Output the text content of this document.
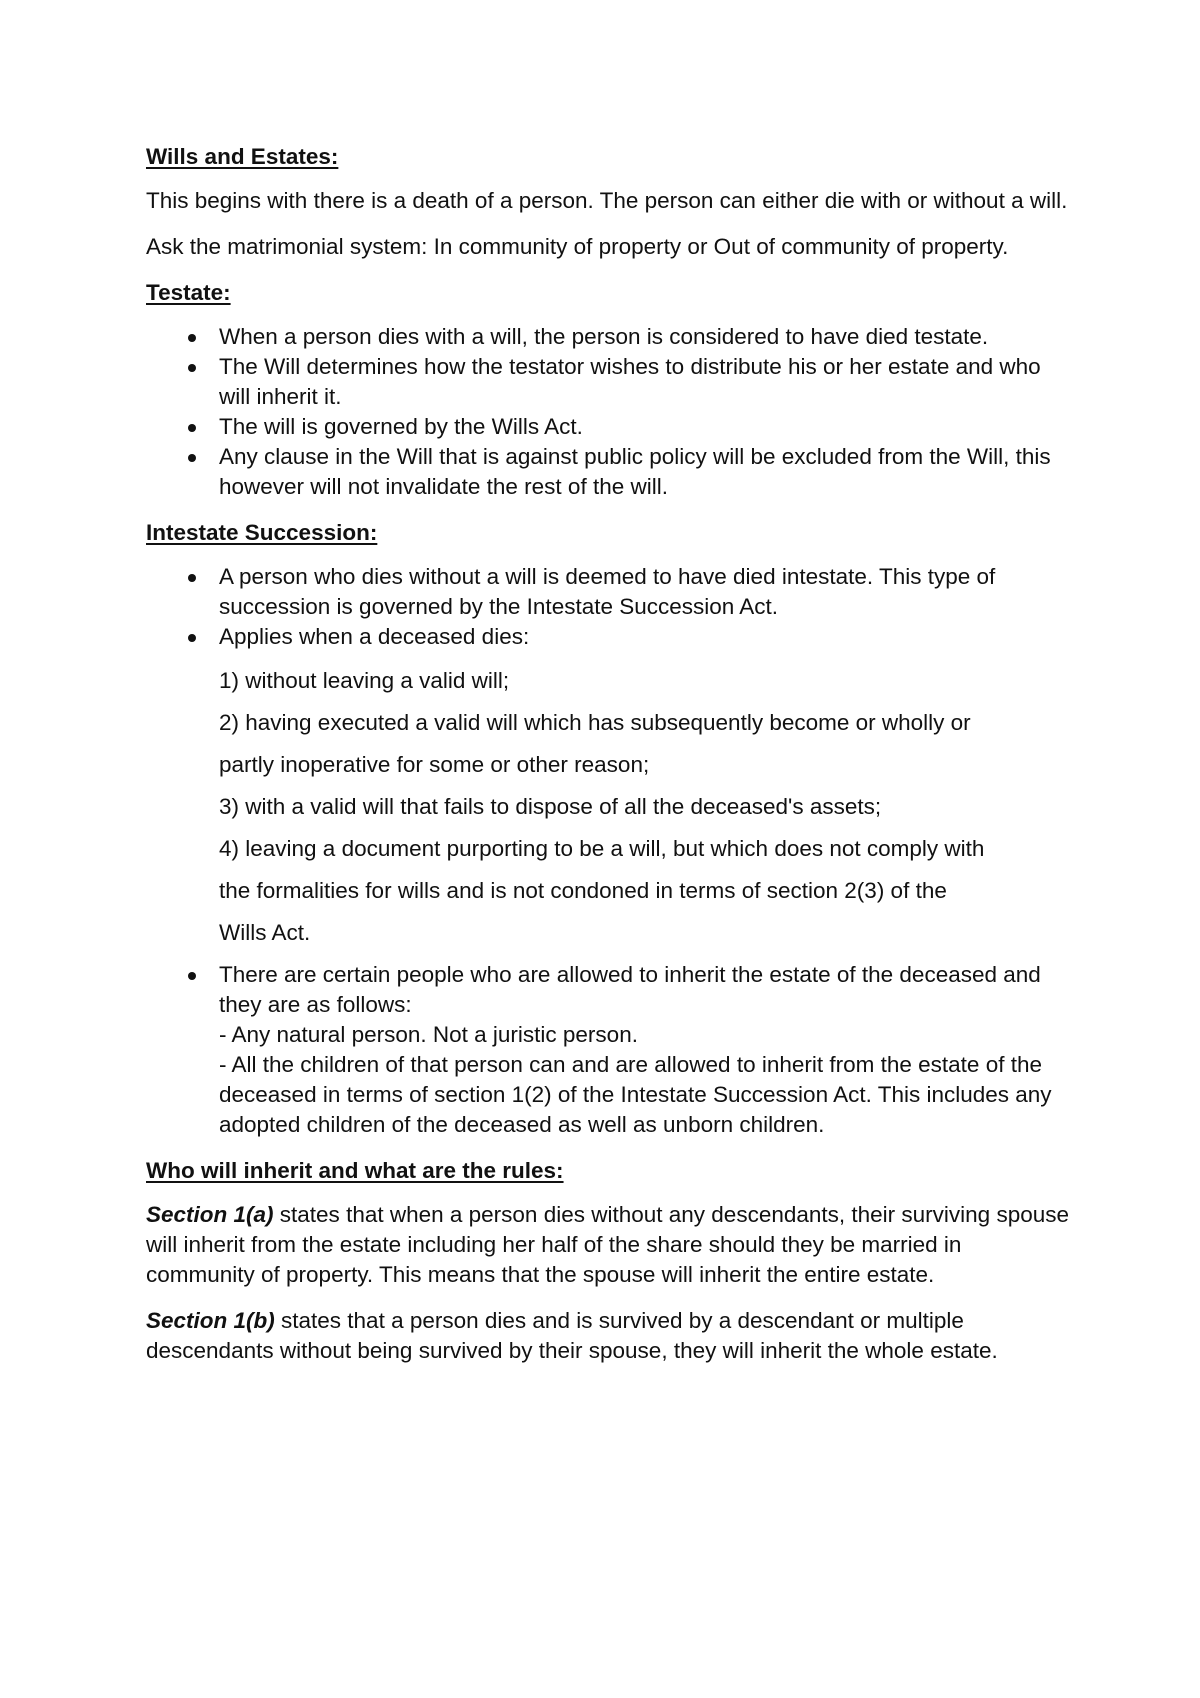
Wills and Estates:

This begins with there is a death of a person. The person can either die with or without a will.

Ask the matrimonial system: In community of property or Out of community of property.

Testate:
When a person dies with a will, the person is considered to have died testate.
The Will determines how the testator wishes to distribute his or her estate and who will inherit it.
The will is governed by the Wills Act.
Any clause in the Will that is against public policy will be excluded from the Will, this however will not invalidate the rest of the will.
Intestate Succession:
A person who dies without a will is deemed to have died intestate. This type of succession is governed by the Intestate Succession Act.
Applies when a deceased dies:
1) without leaving a valid will;
2) having executed a valid will which has subsequently become or wholly or
partly inoperative for some or other reason;
3) with a valid will that fails to dispose of all the deceased's assets;
4) leaving a document purporting to be a will, but which does not comply with
the formalities for wills and is not condoned in terms of section 2(3) of the
Wills Act.
There are certain people who are allowed to inherit the estate of the deceased and they are as follows:
- Any natural person. Not a juristic person.
- All the children of that person can and are allowed to inherit from the estate of the deceased in terms of section 1(2) of the Intestate Succession Act. This includes any adopted children of the deceased as well as unborn children.
Who will inherit and what are the rules:

Section 1(a) states that when a person dies without any descendants, their surviving spouse will inherit from the estate including her half of the share should they be married in community of property. This means that the spouse will inherit the entire estate.

Section 1(b) states that a person dies and is survived by a descendant or multiple descendants without being survived by their spouse, they will inherit the whole estate.
